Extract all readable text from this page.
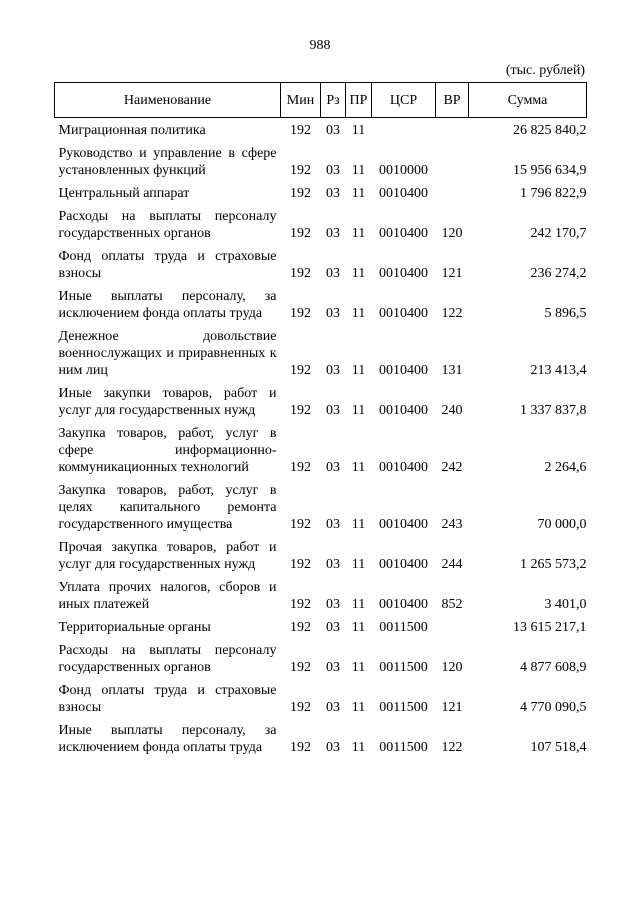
988
(тыс. рублей)
Наименование	Мин	Рз	ПР	ЦСР	ВР	Сумма
Миграционная политика	192	03	11			26 825 840,2
Руководство и управление в сфере установленных функций	192	03	11	0010000		15 956 634,9
Центральный аппарат	192	03	11	0010400		1 796 822,9
Расходы на выплаты персоналу государственных органов	192	03	11	0010400	120	242 170,7
Фонд оплаты труда и страховые взносы	192	03	11	0010400	121	236 274,2
Иные выплаты персоналу, за исключением фонда оплаты труда	192	03	11	0010400	122	5 896,5
Денежное довольствие военнослужащих и приравненных к ним лиц	192	03	11	0010400	131	213 413,4
Иные закупки товаров, работ и услуг для государственных нужд	192	03	11	0010400	240	1 337 837,8
Закупка товаров, работ, услуг в сфере информационно-коммуникационных технологий	192	03	11	0010400	242	2 264,6
Закупка товаров, работ, услуг в целях капитального ремонта государственного имущества	192	03	11	0010400	243	70 000,0
Прочая закупка товаров, работ и услуг для государственных нужд	192	03	11	0010400	244	1 265 573,2
Уплата прочих налогов, сборов и иных платежей	192	03	11	0010400	852	3 401,0
Территориальные органы	192	03	11	0011500		13 615 217,1
Расходы на выплаты персоналу государственных органов	192	03	11	0011500	120	4 877 608,9
Фонд оплаты труда и страховые взносы	192	03	11	0011500	121	4 770 090,5
Иные выплаты персоналу, за исключением фонда оплаты труда	192	03	11	0011500	122	107 518,4
